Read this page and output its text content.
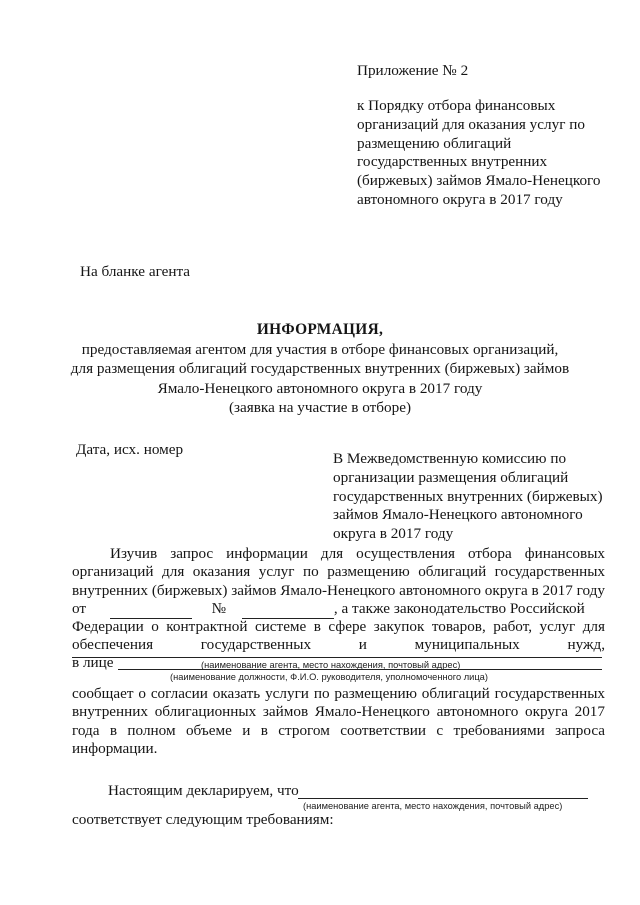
Приложение № 2
к Порядку отбора финансовых
организаций для оказания услуг по
размещению облигаций
государственных внутренних
(биржевых) займов Ямало-Ненецкого
автономного округа в 2017 году
На бланке агента
ИНФОРМАЦИЯ,
предоставляемая агентом для участия в отборе финансовых организаций,
для размещения облигаций государственных внутренних (биржевых) займов
Ямало-Ненецкого автономного округа в 2017 году
(заявка на участие в отборе)
Дата, исх. номер
В Межведомственную комиссию по
организации размещения облигаций
государственных внутренних (биржевых)
займов Ямало-Ненецкого автономного
округа в 2017 году
Изучив запрос информации для осуществления отбора финансовых
организаций для оказания услуг по размещению облигаций государственных
внутренних (биржевых) займов Ямало-Ненецкого автономного округа в 2017 году
от	№	, а также законодательство Российской
Федерации о контрактной системе в сфере закупок товаров, работ, услуг для
обеспечения государственных и муниципальных нужд,
(наименование агента, место нахождения, почтовый адрес)
в лице
(наименование должности, Ф.И.О. руководителя, уполномоченного лица)
сообщает о согласии оказать услуги по размещению облигаций государственных
внутренних облигационных займов Ямало-Ненецкого автономного округа 2017
года в полном объеме и в строгом соответствии с требованиями запроса
информации.
Настоящим декларируем, что
(наименование агента, место нахождения, почтовый адрес)
соответствует следующим требованиям:
